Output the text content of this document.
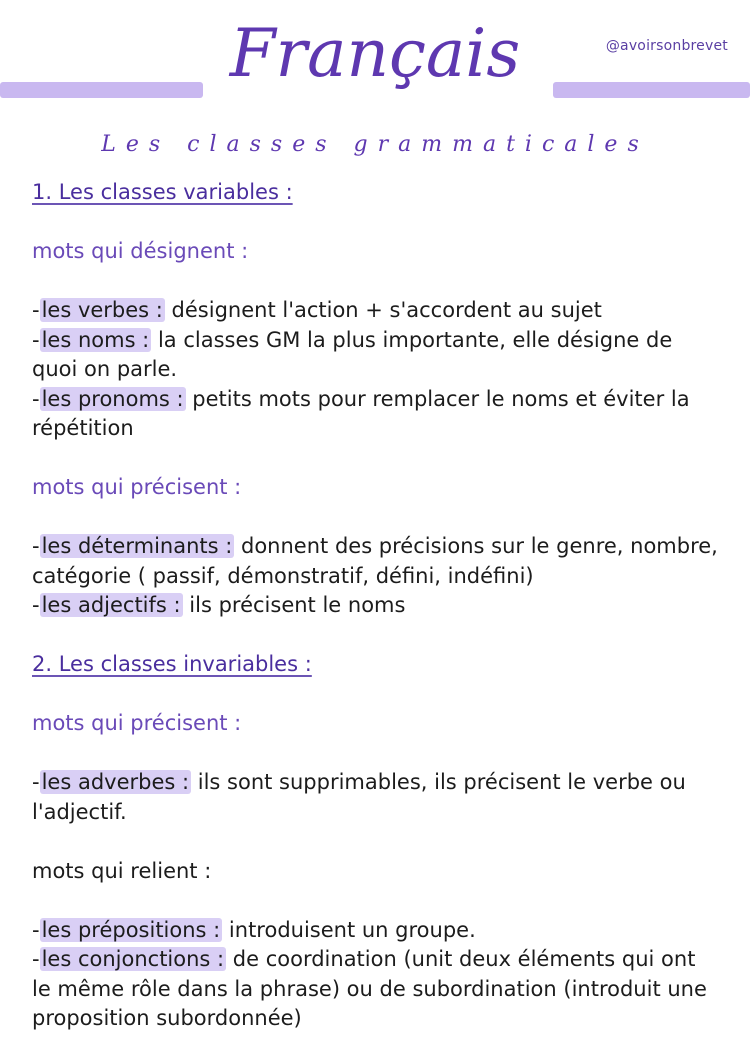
@avoirsonbrevet
Français
Les classes grammaticales

1. Les classes variables :

mots qui désignent :

-les verbes : désignent l'action + s'accordent au sujet

-les noms : la classes GM la plus importante, elle désigne de quoi on parle.

-les pronoms : petits mots pour remplacer le noms et éviter la répétition

mots qui précisent :

-les déterminants : donnent des précisions sur le genre, nombre, catégorie ( passif, démonstratif, défini, indéfini)

-les adjectifs : ils précisent le noms

2. Les classes invariables :

mots qui précisent :

-les adverbes : ils sont supprimables, ils précisent le verbe ou l'adjectif.

mots qui relient :

-les prépositions : introduisent un groupe.

-les conjonctions : de coordination (unit deux éléments qui ont le même rôle dans la phrase) ou de subordination (introduit une proposition subordonnée)
